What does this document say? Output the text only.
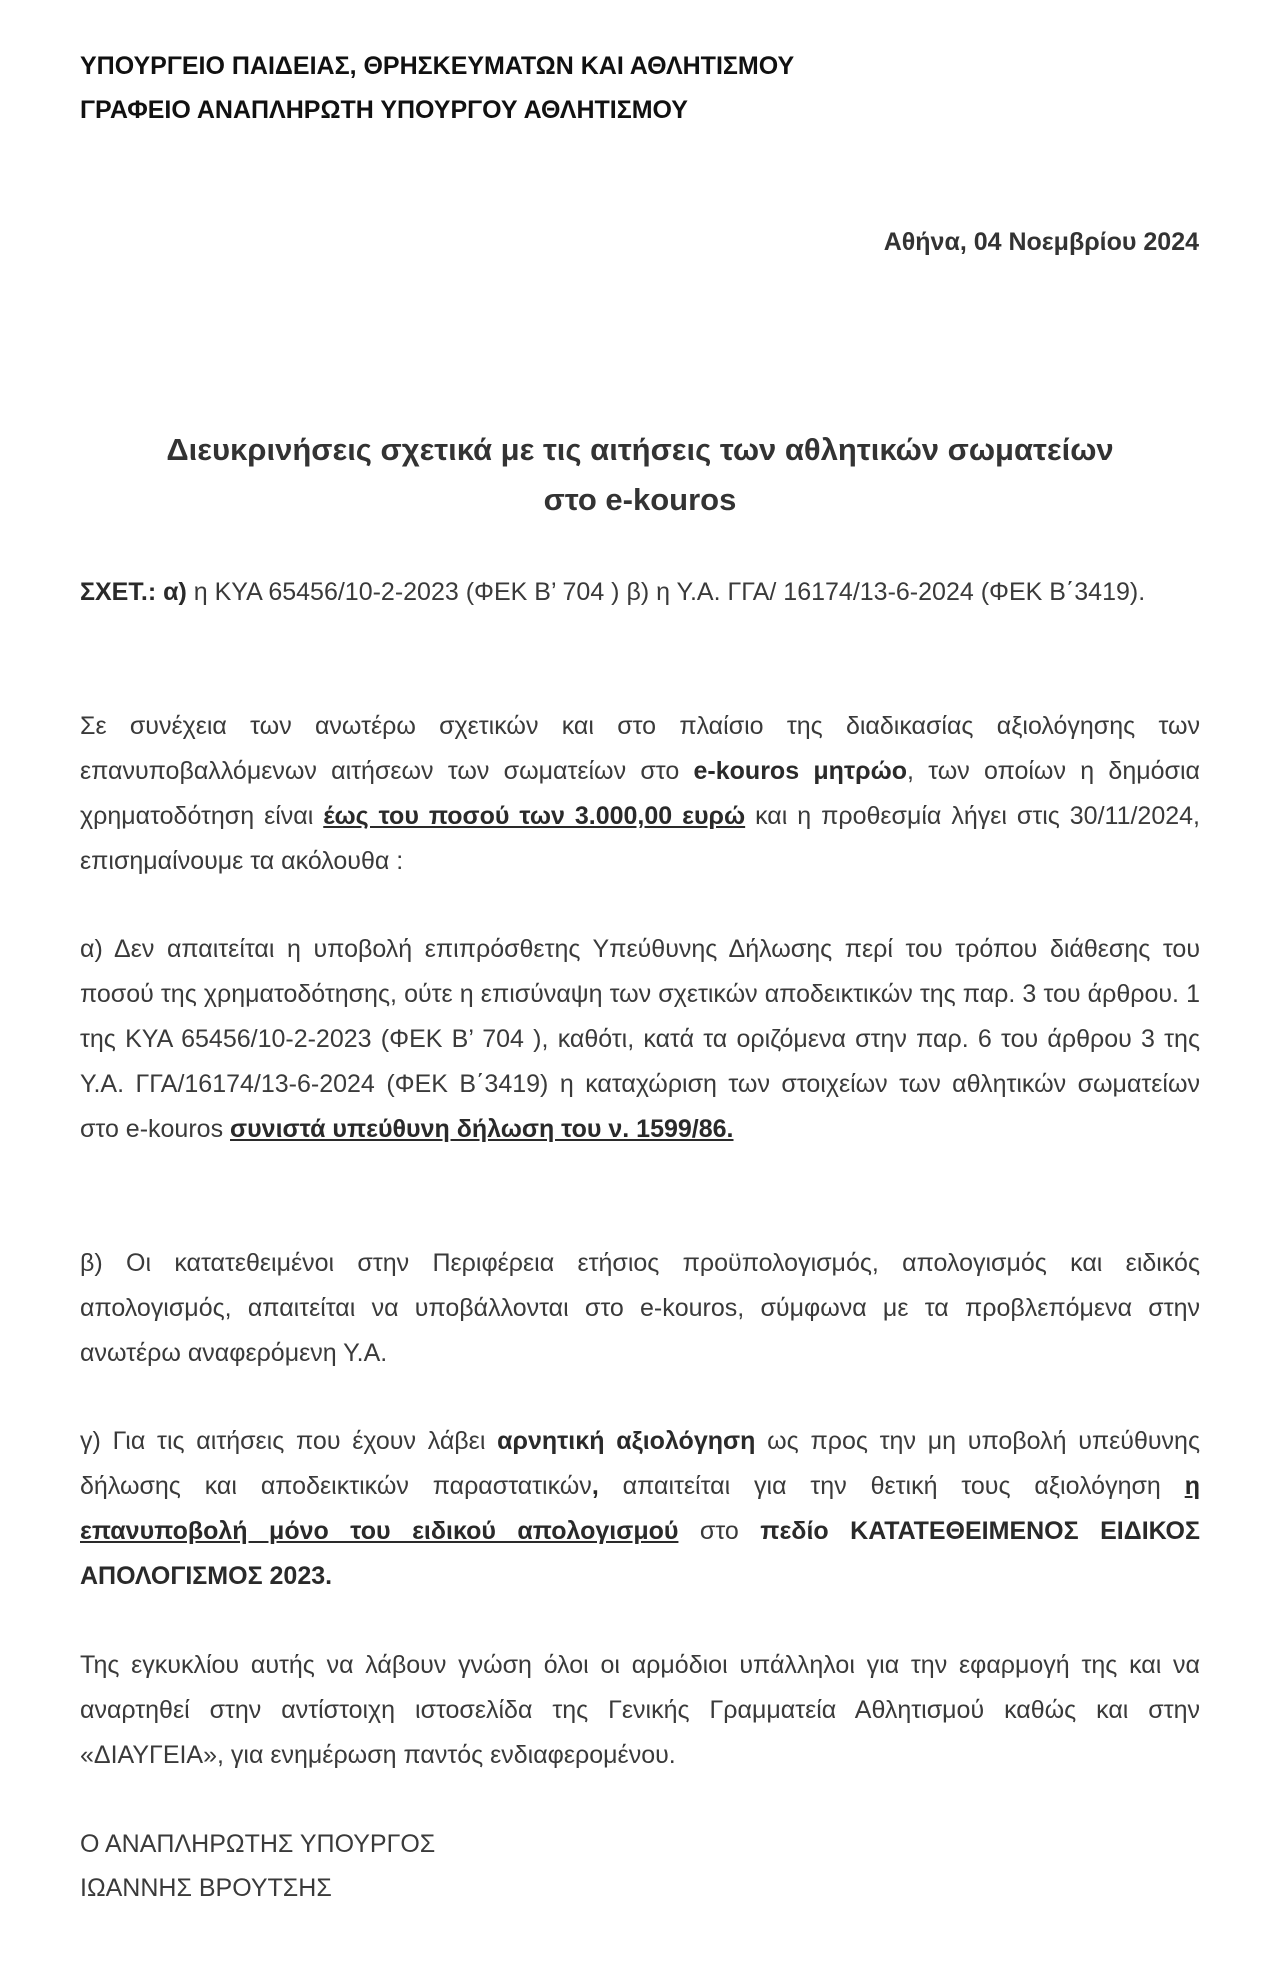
ΥΠΟΥΡΓΕΙΟ ΠΑΙΔΕΙΑΣ, ΘΡΗΣΚΕΥΜΑΤΩΝ ΚΑΙ ΑΘΛΗΤΙΣΜΟΥ
ΓΡΑΦΕΙΟ ΑΝΑΠΛΗΡΩΤΗ ΥΠΟΥΡΓΟΥ ΑΘΛΗΤΙΣΜΟΥ
Αθήνα, 04 Νοεμβρίου 2024
Διευκρινήσεις σχετικά με τις αιτήσεις των αθλητικών σωματείων
στο e-kouros
ΣΧΕΤ.: α) η ΚΥΑ 65456/10-2-2023 (ΦΕΚ Β’ 704 ) β) η Υ.Α. ΓΓΑ/ 16174/13-6-2024 (ΦΕΚ Β΄3419).
Σε συνέχεια των ανωτέρω σχετικών και στο πλαίσιο της διαδικασίας αξιολόγησης των επανυποβαλλόμενων αιτήσεων των σωματείων στο e-kouros μητρώο, των οποίων η δημόσια χρηματοδότηση είναι έως του ποσού των 3.000,00 ευρώ και η προθεσμία λήγει στις 30/11/2024, επισημαίνουμε τα ακόλουθα :
α) Δεν απαιτείται η υποβολή επιπρόσθετης Υπεύθυνης Δήλωσης περί του τρόπου διάθεσης του ποσού της χρηματοδότησης, ούτε η επισύναψη των σχετικών αποδεικτικών της παρ. 3 του άρθρου. 1 της ΚΥΑ 65456/10-2-2023 (ΦΕΚ Β’ 704 ), καθότι, κατά τα οριζόμενα στην παρ. 6 του άρθρου 3 της Υ.Α. ΓΓΑ/16174/13-6-2024 (ΦΕΚ Β΄3419) η καταχώριση των στοιχείων των αθλητικών σωματείων στο e-kouros συνιστά υπεύθυνη δήλωση του ν. 1599/86.
β) Οι κατατεθειμένοι στην Περιφέρεια ετήσιος προϋπολογισμός, απολογισμός και ειδικός απολογισμός, απαιτείται να υποβάλλονται στο e-kouros, σύμφωνα με τα προβλεπόμενα στην ανωτέρω αναφερόμενη Υ.Α.
γ) Για τις αιτήσεις που έχουν λάβει αρνητική αξιολόγηση ως προς την μη υποβολή υπεύθυνης δήλωσης και αποδεικτικών παραστατικών, απαιτείται για την θετική τους αξιολόγηση η επανυποβολή μόνο του ειδικού απολογισμού στο πεδίο ΚΑΤΑΤΕΘΕΙΜΕΝΟΣ ΕΙΔΙΚΟΣ ΑΠΟΛΟΓΙΣΜΟΣ 2023.
Της εγκυκλίου αυτής να λάβουν γνώση όλοι οι αρμόδιοι υπάλληλοι για την εφαρμογή της και να αναρτηθεί στην αντίστοιχη ιστοσελίδα της Γενικής Γραμματεία Αθλητισμού καθώς και στην «ΔΙΑΥΓΕΙΑ», για ενημέρωση παντός ενδιαφερομένου.
Ο ΑΝΑΠΛΗΡΩΤΗΣ ΥΠΟΥΡΓΟΣ
ΙΩΑΝΝΗΣ ΒΡΟΥΤΣΗΣ
